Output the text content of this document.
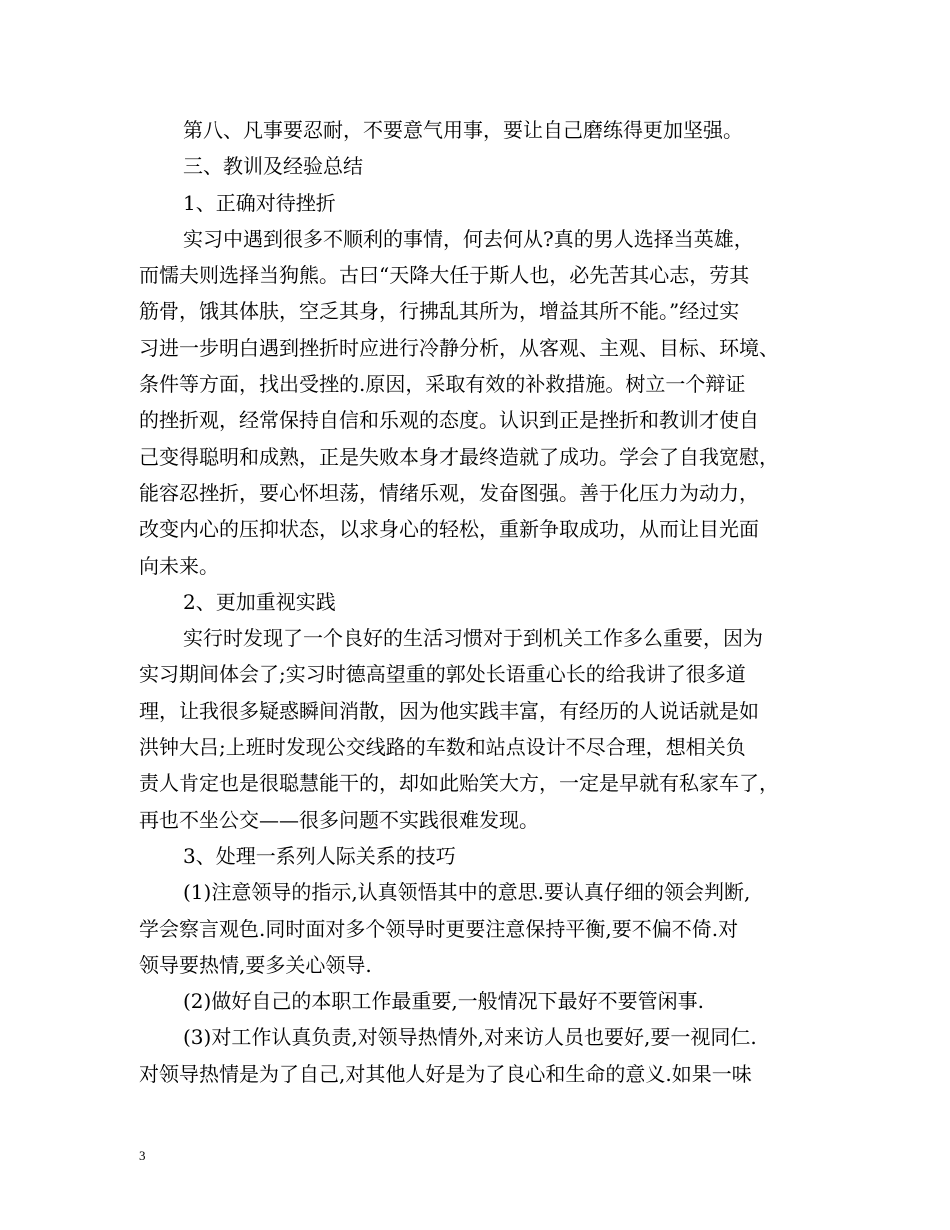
第八、凡事要忍耐，不要意气用事，要让自己磨练得更加坚强。
三、教训及经验总结
1、正确对待挫折
实习中遇到很多不顺利的事情，何去何从?真的男人选择当英雄，
而懦夫则选择当狗熊。古曰“天降大任于斯人也，必先苦其心志，劳其
筋骨，饿其体肤，空乏其身，行拂乱其所为，增益其所不能。”经过实
习进一步明白遇到挫折时应进行冷静分析，从客观、主观、目标、环境、
条件等方面，找出受挫的.原因，采取有效的补救措施。树立一个辩证
的挫折观，经常保持自信和乐观的态度。认识到正是挫折和教训才使自
己变得聪明和成熟，正是失败本身才最终造就了成功。学会了自我宽慰，
能容忍挫折，要心怀坦荡，情绪乐观，发奋图强。善于化压力为动力，
改变内心的压抑状态，以求身心的轻松，重新争取成功，从而让目光面
向未来。
2、更加重视实践
实行时发现了一个良好的生活习惯对于到机关工作多么重要，因为
实习期间体会了;实习时德高望重的郭处长语重心长的给我讲了很多道
理，让我很多疑惑瞬间消散，因为他实践丰富，有经历的人说话就是如
洪钟大吕;上班时发现公交线路的车数和站点设计不尽合理，想相关负
责人肯定也是很聪慧能干的，却如此贻笑大方，一定是早就有私家车了，
再也不坐公交——很多问题不实践很难发现。
3、处理一系列人际关系的技巧
(1)注意领导的指示,认真领悟其中的意思.要认真仔细的领会判断,
学会察言观色.同时面对多个领导时更要注意保持平衡,要不偏不倚.对
领导要热情,要多关心领导.
(2)做好自己的本职工作最重要,一般情况下最好不要管闲事.
(3)对工作认真负责,对领导热情外,对来访人员也要好,要一视同仁.
对领导热情是为了自己,对其他人好是为了良心和生命的意义.如果一味
3
